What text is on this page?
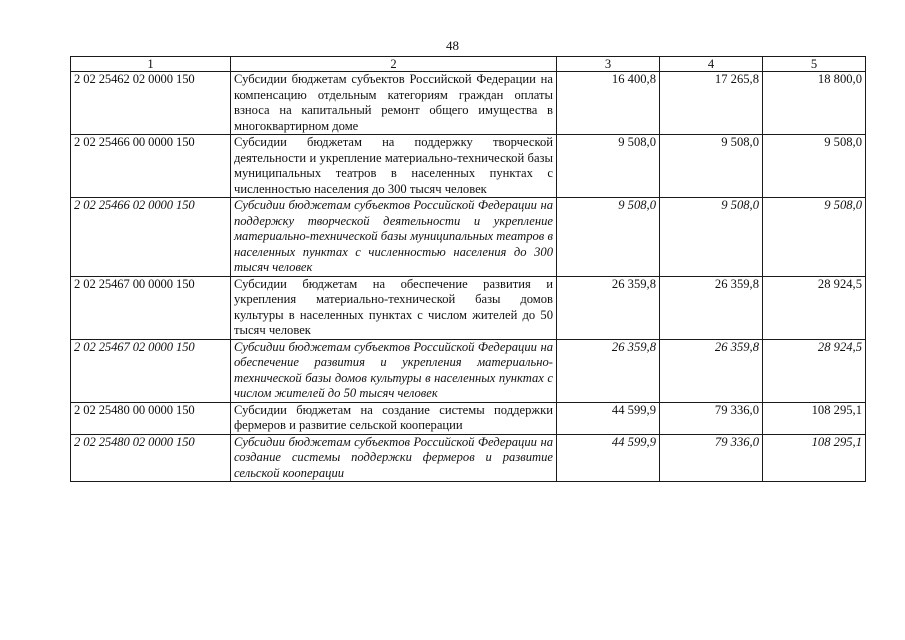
48
1	2	3	4	5
2 02 25462 02 0000 150	Субсидии бюджетам субъектов Российской Федерации на компенсацию отдельным категориям граждан оплаты взноса на капитальный ремонт общего имущества в многоквартирном доме	16 400,8	17 265,8	18 800,0
2 02 25466 00 0000 150	Субсидии бюджетам на поддержку творческой деятельности и укрепление материально-технической базы муниципальных театров в населенных пунктах с численностью населения до 300 тысяч человек	9 508,0	9 508,0	9 508,0
2 02 25466 02 0000 150	Субсидии бюджетам субъектов Российской Федерации на поддержку творческой деятельности и укрепление материально-технической базы муниципальных театров в населенных пунктах с численностью населения до 300 тысяч человек	9 508,0	9 508,0	9 508,0
2 02 25467 00 0000 150	Субсидии бюджетам на обеспечение развития и укрепления материально-технической базы домов культуры в населенных пунктах с числом жителей до 50 тысяч человек	26 359,8	26 359,8	28 924,5
2 02 25467 02 0000 150	Субсидии бюджетам субъектов Российской Федерации на обеспечение развития и укрепления материально-технической базы домов культуры в населенных пунктах с числом жителей до 50 тысяч человек	26 359,8	26 359,8	28 924,5
2 02 25480 00 0000 150	Субсидии бюджетам на создание системы поддержки фермеров и развитие сельской кооперации	44 599,9	79 336,0	108 295,1
2 02 25480 02 0000 150	Субсидии бюджетам субъектов Российской Федерации на создание системы поддержки фермеров и развитие сельской кооперации	44 599,9	79 336,0	108 295,1
